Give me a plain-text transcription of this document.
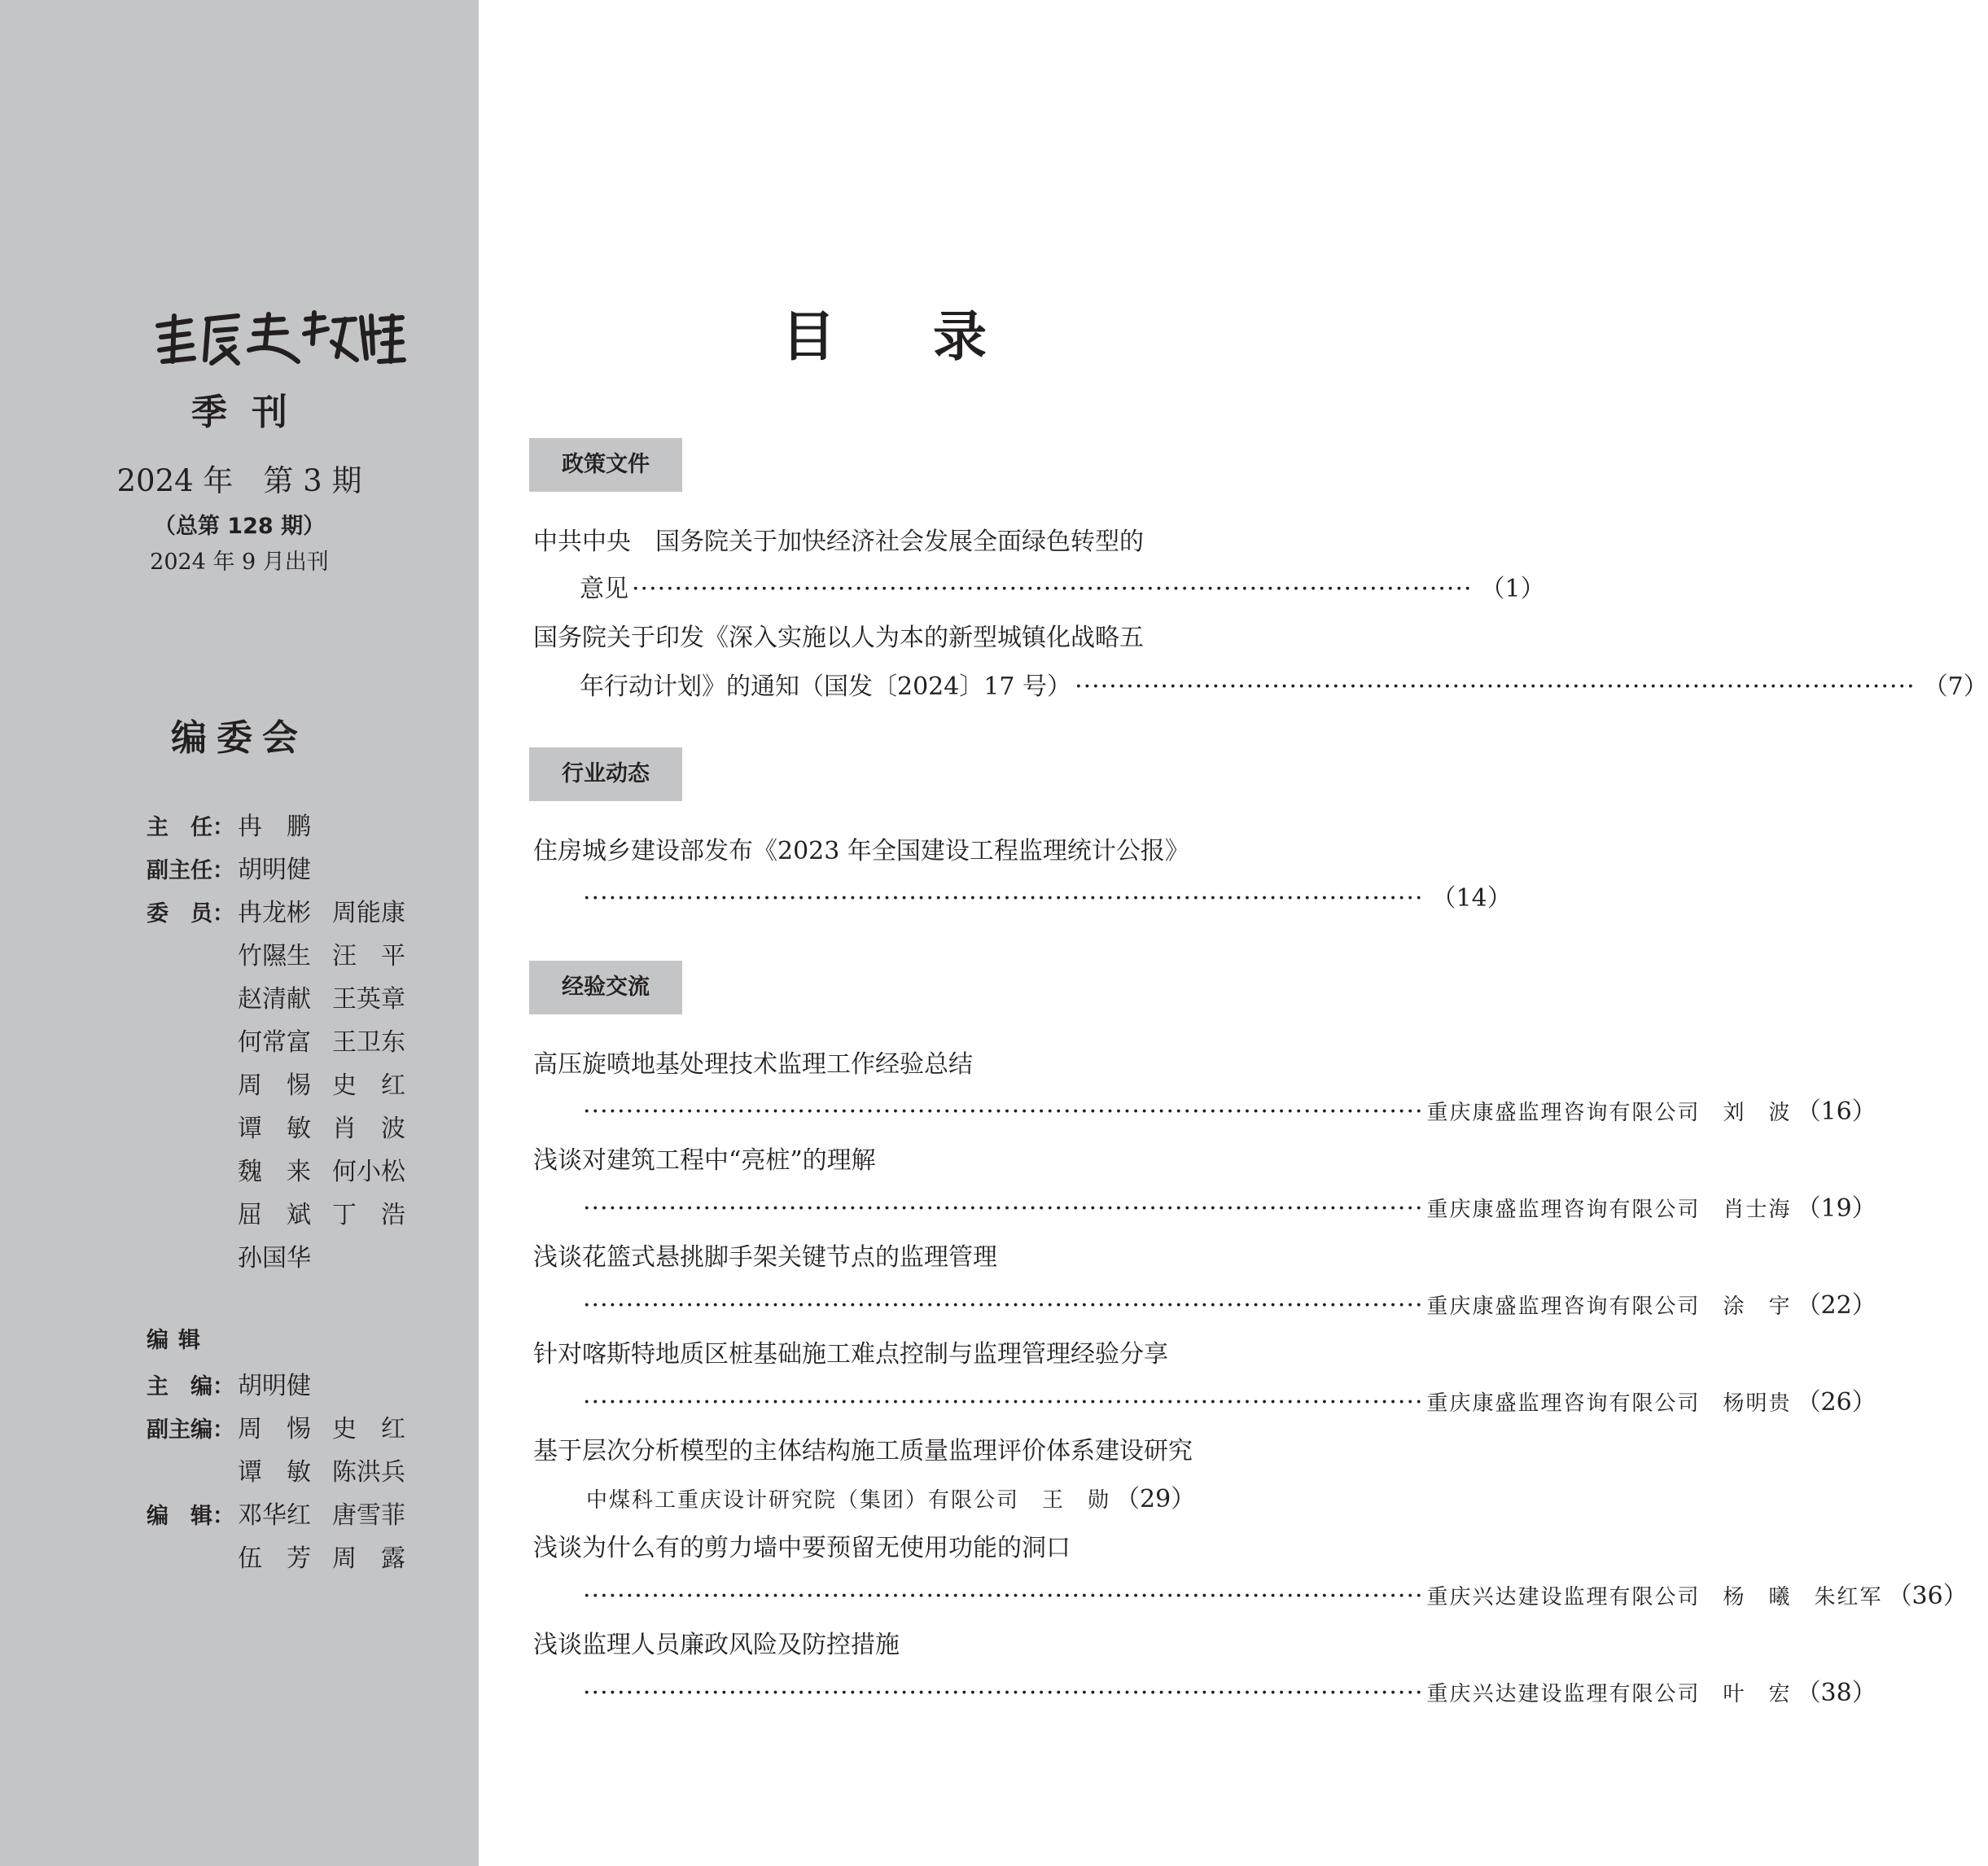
季刊
2024 年　第 3 期
（总第 128 期）
2024 年 9 月出刊
编委会
主　任： 冉　鹏
副主任： 胡明健
委　员： 冉龙彬 周能康
竹隰生 汪　平
赵清献 王英章
何常富 王卫东
周　惕 史　红
谭　敏 肖　波
魏　来 何小松
屈　斌 丁　浩
孙国华
编辑
主　编： 胡明健
副主编： 周　惕 史　红
谭　敏 陈洪兵
编　辑： 邓华红 唐雪菲
伍　芳 周　露
目录
政策文件
中共中央　国务院关于加快经济社会发展全面绿色转型的
意见 ·································································································· （1）
国务院关于印发《深入实施以人为本的新型城镇化战略五
年行动计划》的通知（国发〔2024〕17 号） ·································································································· （7）
行业动态
住房城乡建设部发布《2023 年全国建设工程监理统计公报》
·································································································· （14）
经验交流
高压旋喷地基处理技术监理工作经验总结
·································································································· 重庆康盛监理咨询有限公司　刘　波 （16）
浅谈对建筑工程中“亮桩”的理解
·································································································· 重庆康盛监理咨询有限公司　肖士海 （19）
浅谈花篮式悬挑脚手架关键节点的监理管理
·································································································· 重庆康盛监理咨询有限公司　涂　宇 （22）
针对喀斯特地质区桩基础施工难点控制与监理管理经验分享
·································································································· 重庆康盛监理咨询有限公司　杨明贵 （26）
基于层次分析模型的主体结构施工质量监理评价体系建设研究
中煤科工重庆设计研究院（集团）有限公司　王　勋 （29）
浅谈为什么有的剪力墙中要预留无使用功能的洞口
·································································································· 重庆兴达建设监理有限公司　杨　曦　朱红军 （36）
浅谈监理人员廉政风险及防控措施
·································································································· 重庆兴达建设监理有限公司　叶　宏 （38）
